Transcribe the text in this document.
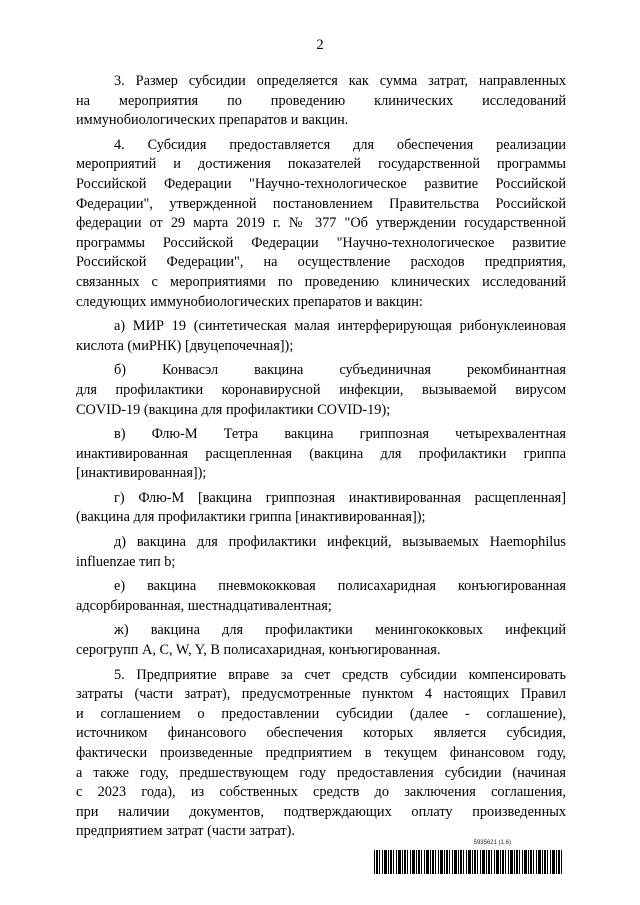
2
3. Размер субсидии определяется как сумма затрат, направленных
на мероприятия по проведению клинических исследований
иммунобиологических препаратов и вакцин.
4. Субсидия предоставляется для обеспечения реализации
мероприятий и достижения показателей государственной программы
Российской Федерации "Научно-технологическое развитие Российской
Федерации", утвержденной постановлением Правительства Российской
федерации от 29 марта 2019 г. № 377 "Об утверждении государственной
программы Российской Федерации "Научно-технологическое развитие
Российской Федерации", на осуществление расходов предприятия,
связанных с мероприятиями по проведению клинических исследований
следующих иммунобиологических препаратов и вакцин:
а) МИР 19 (синтетическая малая интерферирующая рибонуклеиновая
кислота (миРНК) [двуцепочечная]);
б) Конвасэл вакцина субъединичная рекомбинантная
для профилактики коронавирусной инфекции, вызываемой вирусом
COVID-19 (вакцина для профилактики COVID-19);
в) Флю-М Тетра вакцина гриппозная четырехвалентная
инактивированная расщепленная (вакцина для профилактики гриппа
[инактивированная]);
г) Флю-М [вакцина гриппозная инактивированная расщепленная]
(вакцина для профилактики гриппа [инактивированная]);
д) вакцина для профилактики инфекций, вызываемых Haemophilus
influenzae тип b;
е) вакцина пневмококковая полисахаридная конъюгированная
адсорбированная, шестнадцативалентная;
ж) вакцина для профилактики менингококковых инфекций
серогрупп A, C, W, Y, B полисахаридная, конъюгированная.
5. Предприятие вправе за счет средств субсидии компенсировать
затраты (части затрат), предусмотренные пунктом 4 настоящих Правил
и соглашением о предоставлении субсидии (далее - соглашение),
источником финансового обеспечения которых является субсидия,
фактически произведенные предприятием в текущем финансовом году,
а также году, предшествующем году предоставления субсидии (начиная
с 2023 года), из собственных средств до заключения соглашения,
при наличии документов, подтверждающих оплату произведенных
предприятием затрат (части затрат).
5935621 (1.6)
